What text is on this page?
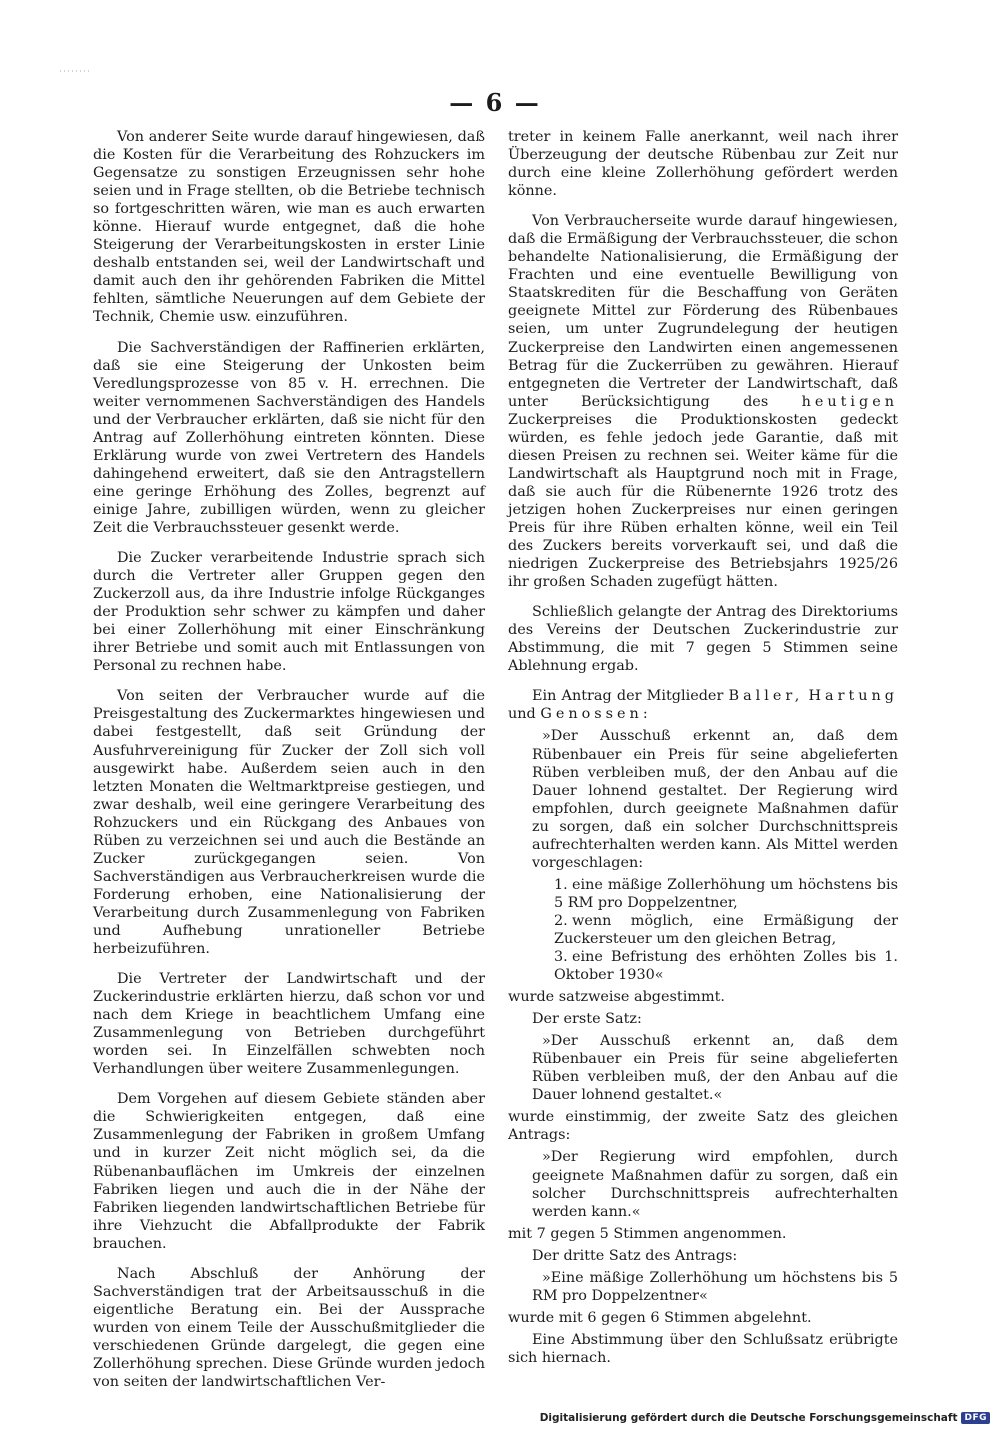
— 6 —

Von anderer Seite wurde darauf hingewiesen, daß die Kosten für die Verarbeitung des Rohzuckers im Gegensatze zu sonstigen Erzeugnissen sehr hohe seien und in Frage stellten, ob die Betriebe technisch so fortgeschritten wären, wie man es auch erwarten könne. Hierauf wurde entgegnet, daß die hohe Steigerung der Verarbeitungskosten in erster Linie deshalb entstanden sei, weil der Landwirtschaft und damit auch den ihr gehörenden Fabriken die Mittel fehlten, sämtliche Neuerungen auf dem Gebiete der Technik, Chemie usw. einzuführen.

Die Sachverständigen der Raffinerien erklärten, daß sie eine Steigerung der Unkosten beim Veredlungsprozesse von 85 v. H. errechnen. Die weiter vernommenen Sachverständigen des Handels und der Verbraucher erklärten, daß sie nicht für den Antrag auf Zollerhöhung eintreten könnten. Diese Erklärung wurde von zwei Vertretern des Handels dahingehend erweitert, daß sie den Antragstellern eine geringe Erhöhung des Zolles, begrenzt auf einige Jahre, zubilligen würden, wenn zu gleicher Zeit die Verbrauchssteuer gesenkt werde.

Die Zucker verarbeitende Industrie sprach sich durch die Vertreter aller Gruppen gegen den Zuckerzoll aus, da ihre Industrie infolge Rückganges der Produktion sehr schwer zu kämpfen und daher bei einer Zollerhöhung mit einer Einschränkung ihrer Betriebe und somit auch mit Entlassungen von Personal zu rechnen habe.

Von seiten der Verbraucher wurde auf die Preisgestaltung des Zuckermarktes hingewiesen und dabei festgestellt, daß seit Gründung der Ausfuhrvereinigung für Zucker der Zoll sich voll ausgewirkt habe. Außerdem seien auch in den letzten Monaten die Weltmarktpreise gestiegen, und zwar deshalb, weil eine geringere Verarbeitung des Rohzuckers und ein Rückgang des Anbaues von Rüben zu verzeichnen sei und auch die Bestände an Zucker zurückgegangen seien. Von Sachverständigen aus Verbraucherkreisen wurde die Forderung erhoben, eine Nationalisierung der Verarbeitung durch Zusammenlegung von Fabriken und Aufhebung unrationeller Betriebe herbeizuführen.

Die Vertreter der Landwirtschaft und der Zuckerindustrie erklärten hierzu, daß schon vor und nach dem Kriege in beachtlichem Umfang eine Zusammenlegung von Betrieben durchgeführt worden sei. In Einzelfällen schwebten noch Verhandlungen über weitere Zusammenlegungen.

Dem Vorgehen auf diesem Gebiete ständen aber die Schwierigkeiten entgegen, daß eine Zusammenlegung der Fabriken in großem Umfang und in kurzer Zeit nicht möglich sei, da die Rübenanbauflächen im Umkreis der einzelnen Fabriken liegen und auch die in der Nähe der Fabriken liegenden landwirtschaftlichen Betriebe für ihre Viehzucht die Abfallprodukte der Fabrik brauchen.

Nach Abschluß der Anhörung der Sachverständigen trat der Arbeitsausschuß in die eigentliche Beratung ein. Bei der Aussprache wurden von einem Teile der Ausschußmitglieder die verschiedenen Gründe dargelegt, die gegen eine Zollerhöhung sprechen. Diese Gründe wurden jedoch von seiten der landwirtschaftlichen Ver-

treter in keinem Falle anerkannt, weil nach ihrer Überzeugung der deutsche Rübenbau zur Zeit nur durch eine kleine Zollerhöhung gefördert werden könne.

Von Verbraucherseite wurde darauf hingewiesen, daß die Ermäßigung der Verbrauchssteuer, die schon behandelte Nationalisierung, die Ermäßigung der Frachten und eine eventuelle Bewilligung von Staatskrediten für die Beschaffung von Geräten geeignete Mittel zur Förderung des Rübenbaues seien, um unter Zugrundelegung der heutigen Zuckerpreise den Landwirten einen angemessenen Betrag für die Zuckerrüben zu gewähren. Hierauf entgegneten die Vertreter der Landwirtschaft, daß unter Berücksichtigung des heutigen Zuckerpreises die Produktionskosten gedeckt würden, es fehle jedoch jede Garantie, daß mit diesen Preisen zu rechnen sei. Weiter käme für die Landwirtschaft als Hauptgrund noch mit in Frage, daß sie auch für die Rübenernte 1926 trotz des jetzigen hohen Zuckerpreises nur einen geringen Preis für ihre Rüben erhalten könne, weil ein Teil des Zuckers bereits vorverkauft sei, und daß die niedrigen Zuckerpreise des Betriebsjahrs 1925/26 ihr großen Schaden zugefügt hätten.

Schließlich gelangte der Antrag des Direktoriums des Vereins der Deutschen Zuckerindustrie zur Abstimmung, die mit 7 gegen 5 Stimmen seine Ablehnung ergab.

Ein Antrag der Mitglieder Baller, Hartung und Genossen:

»Der Ausschuß erkennt an, daß dem Rübenbauer ein Preis für seine abgelieferten Rüben verbleiben muß, der den Anbau auf die Dauer lohnend gestaltet. Der Regierung wird empfohlen, durch geeignete Maßnahmen dafür zu sorgen, daß ein solcher Durchschnittspreis aufrechterhalten werden kann. Als Mittel werden vorgeschlagen:
1. eine mäßige Zollerhöhung um höchstens bis 5 RM pro Doppelzentner,
2. wenn möglich, eine Ermäßigung der Zuckersteuer um den gleichen Betrag,
3. eine Befristung des erhöhten Zolles bis 1. Oktober 1930«

wurde satzweise abgestimmt.

Der erste Satz:

»Der Ausschuß erkennt an, daß dem Rübenbauer ein Preis für seine abgelieferten Rüben verbleiben muß, der den Anbau auf die Dauer lohnend gestaltet.«

wurde einstimmig, der zweite Satz des gleichen Antrags:

»Der Regierung wird empfohlen, durch geeignete Maßnahmen dafür zu sorgen, daß ein solcher Durchschnittspreis aufrechterhalten werden kann.«

mit 7 gegen 5 Stimmen angenommen.

Der dritte Satz des Antrags:

»Eine mäßige Zollerhöhung um höchstens bis 5 RM pro Doppelzentner«

wurde mit 6 gegen 6 Stimmen abgelehnt.

Eine Abstimmung über den Schlußsatz erübrigte sich hiernach.

Digitalisierung gefördert durch die Deutsche Forschungsgemeinschaft DFG
